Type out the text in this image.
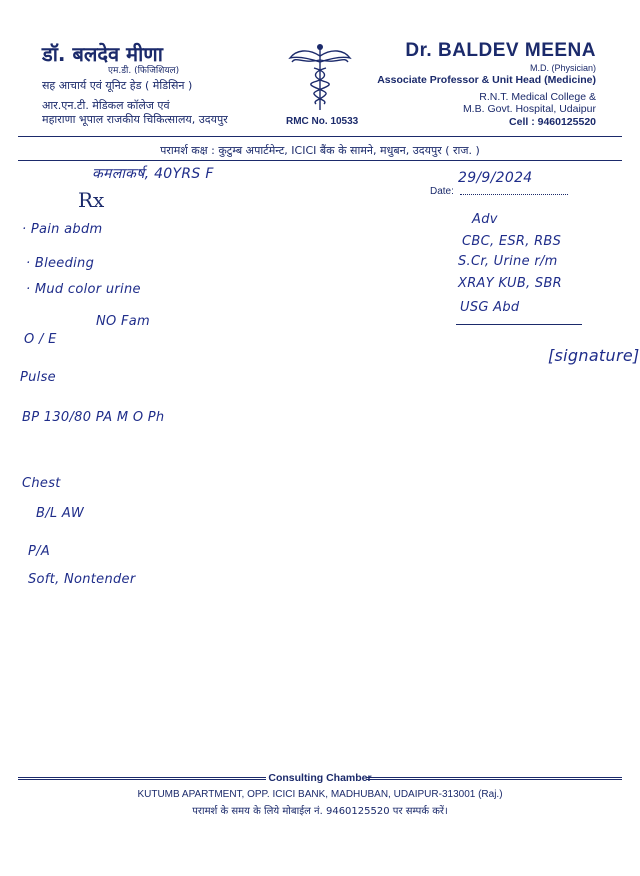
डॉ. बलदेव मीणा
एम.डी. (फिजिशियल)
सह आचार्य एवं यूनिट हेड ( मेडिसिन )
आर.एन.टी. मेडिकल कॉलेज एवं
महाराणा भूपाल राजकीय चिकित्सालय, उदयपुर	RMC No. 10533
Dr. BALDEV MEENA
M.D. (Physician)
Associate Professor & Unit Head (Medicine)
R.N.T. Medical College &
M.B. Govt. Hospital, Udaipur
Cell : 9460125520
परामर्श कक्ष : कुटुम्ब अपार्टमेन्ट, ICICI बैंक के सामने, मधुबन, उदयपुर ( राज. )
Rx	Date:
कमलाकर्ष, 40YRS F	29/9/2024
· Pain abdm
· Bleeding
· Mud color urine
NO Fam
O / E
Pulse
BP 130/80 PA M O Ph
Chest
B/L AW
P/A
Soft, Nontender
Adv
CBC, ESR, RBS
S.Cr, Urine r/m
XRAY KUB, SBR
USG Abd
[signature]
Consulting Chamber
KUTUMB APARTMENT, OPP. ICICI BANK, MADHUBAN, UDAIPUR-313001 (Raj.)
परामर्श के समय के लिये मोबाईल नं. 9460125520 पर सम्पर्क करें।
